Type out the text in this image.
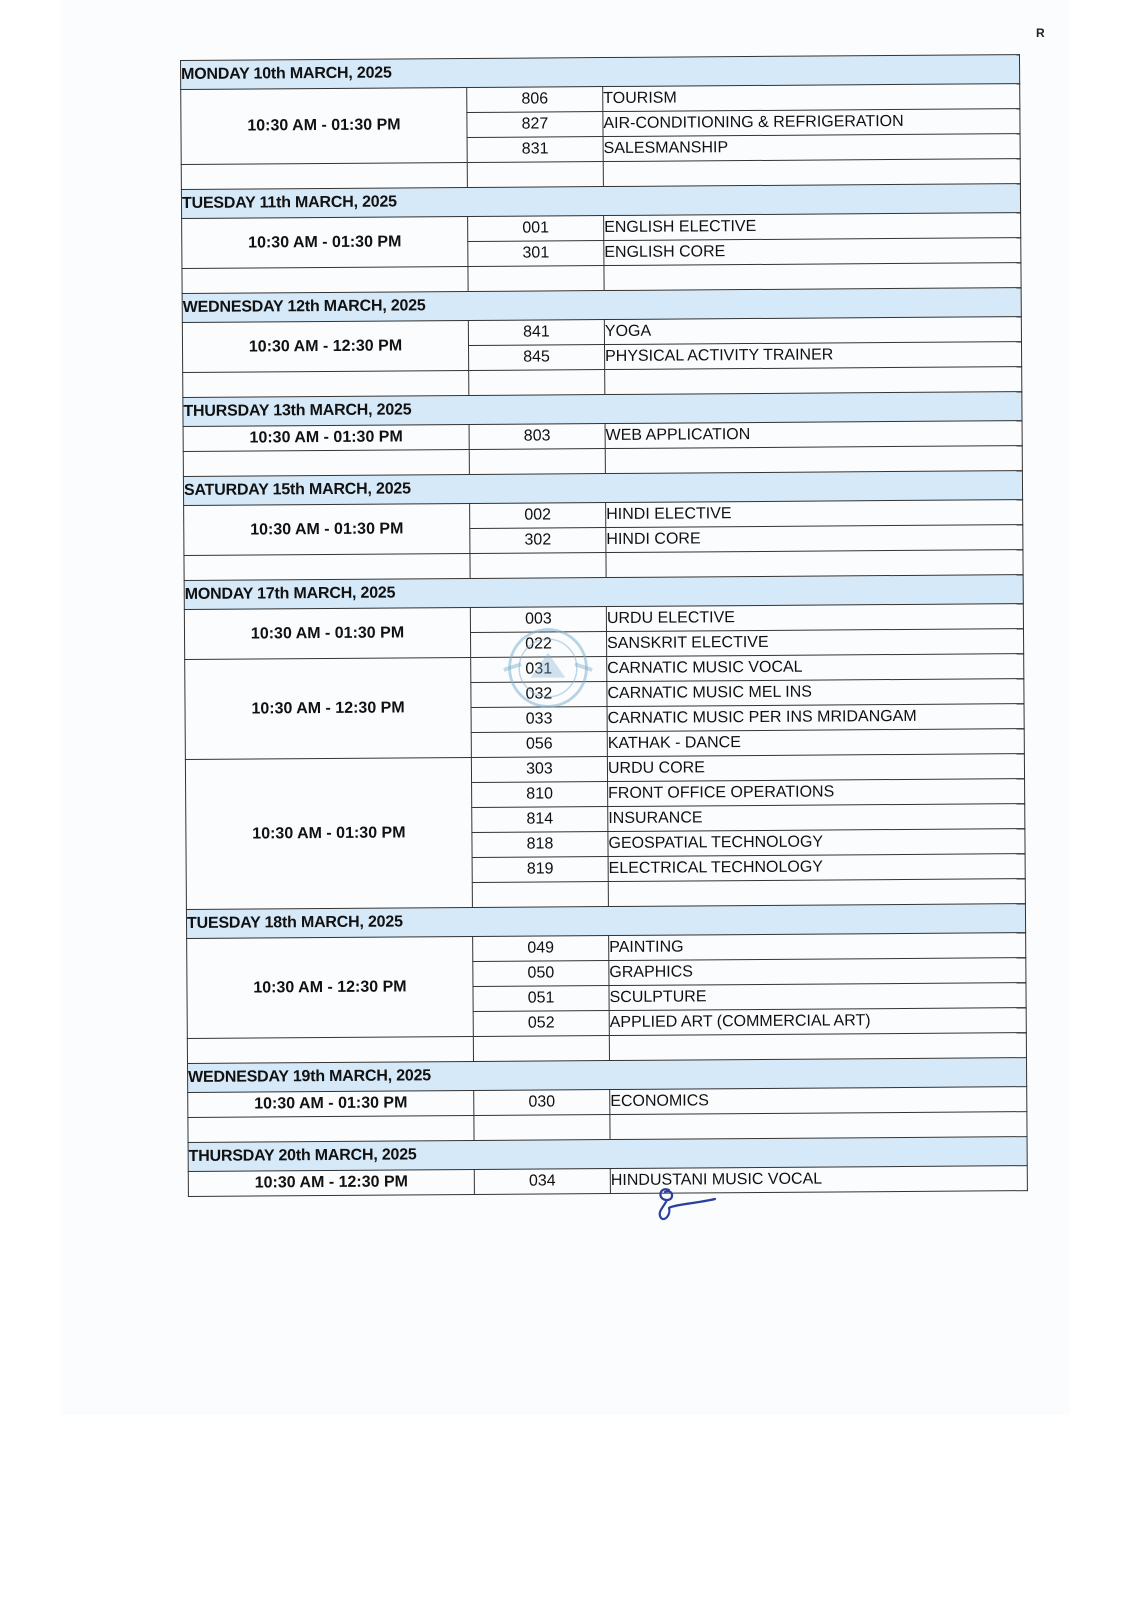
R
MONDAY 10th MARCH, 2025		
10:30 AM - 01:30 PM	806	TOURISM
	827	AIR-CONDITIONING & REFRIGERATION
	831	SALESMANSHIP

TUESDAY 11th MARCH, 2025		
10:30 AM - 01:30 PM	001	ENGLISH ELECTIVE
	301	ENGLISH CORE

WEDNESDAY 12th MARCH, 2025		
10:30 AM - 12:30 PM	841	YOGA
	845	PHYSICAL ACTIVITY TRAINER

THURSDAY 13th MARCH, 2025		
10:30 AM - 01:30 PM	803	WEB APPLICATION

SATURDAY 15th MARCH, 2025		
10:30 AM - 01:30 PM	002	HINDI ELECTIVE
	302	HINDI CORE

MONDAY 17th MARCH, 2025		
10:30 AM - 01:30 PM	003	URDU ELECTIVE
	022	SANSKRIT ELECTIVE
10:30 AM - 12:30 PM	031	CARNATIC MUSIC VOCAL
	032	CARNATIC MUSIC MEL INS
	033	CARNATIC MUSIC PER INS MRIDANGAM
	056	KATHAK - DANCE
10:30 AM - 01:30 PM	303	URDU CORE
	810	FRONT OFFICE OPERATIONS
	814	INSURANCE
	818	GEOSPATIAL TECHNOLOGY
	819	ELECTRICAL TECHNOLOGY

TUESDAY 18th MARCH, 2025		
10:30 AM - 12:30 PM	049	PAINTING
	050	GRAPHICS
	051	SCULPTURE
	052	APPLIED ART (COMMERCIAL ART)

WEDNESDAY 19th MARCH, 2025		
10:30 AM - 01:30 PM	030	ECONOMICS

THURSDAY 20th MARCH, 2025		
10:30 AM - 12:30 PM	034	HINDUSTANI MUSIC VOCAL
